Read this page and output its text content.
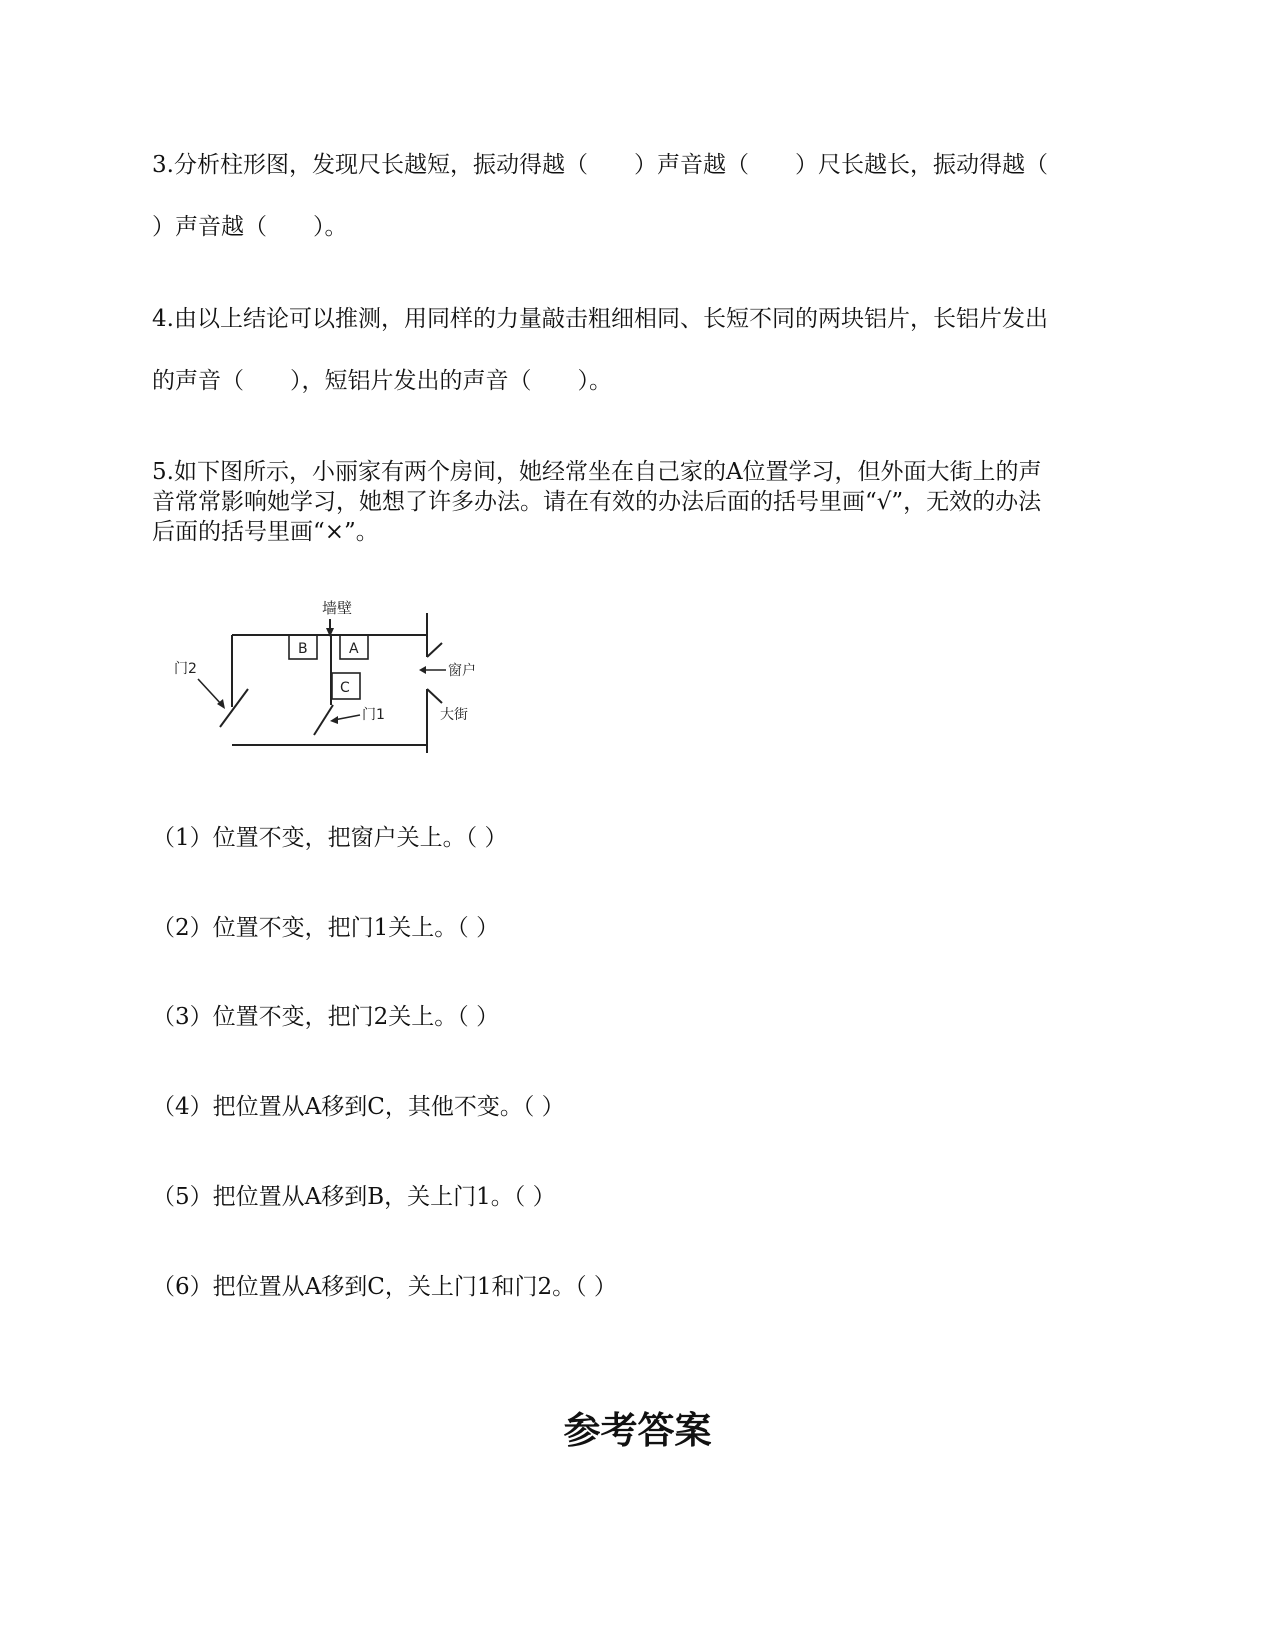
3.分析柱形图，发现尺长越短，振动得越（　　）声音越（　　）尺长越长，振动得越（

）声音越（　　）。

4.由以上结论可以推测，用同样的力量敲击粗细相同、长短不同的两块铝片，长铝片发出

的声音（　　），短铝片发出的声音（　　）。

5.如下图所示，小丽家有两个房间，她经常坐在自己家的A位置学习，但外面大街上的声

音常常影响她学习，她想了许多办法。请在有效的办法后面的括号里画“√”，无效的办法

后面的括号里画“×”。

墙壁
门2
门1
B	A
C
窗户
大街

（1）位置不变，把窗户关上。（ ）

（2）位置不变，把门1关上。（ ）

（3）位置不变，把门2关上。（ ）

（4）把位置从A移到C，其他不变。（ ）

（5）把位置从A移到B，关上门1。（ ）

（6）把位置从A移到C，关上门1和门2。（ ）

参考答案
